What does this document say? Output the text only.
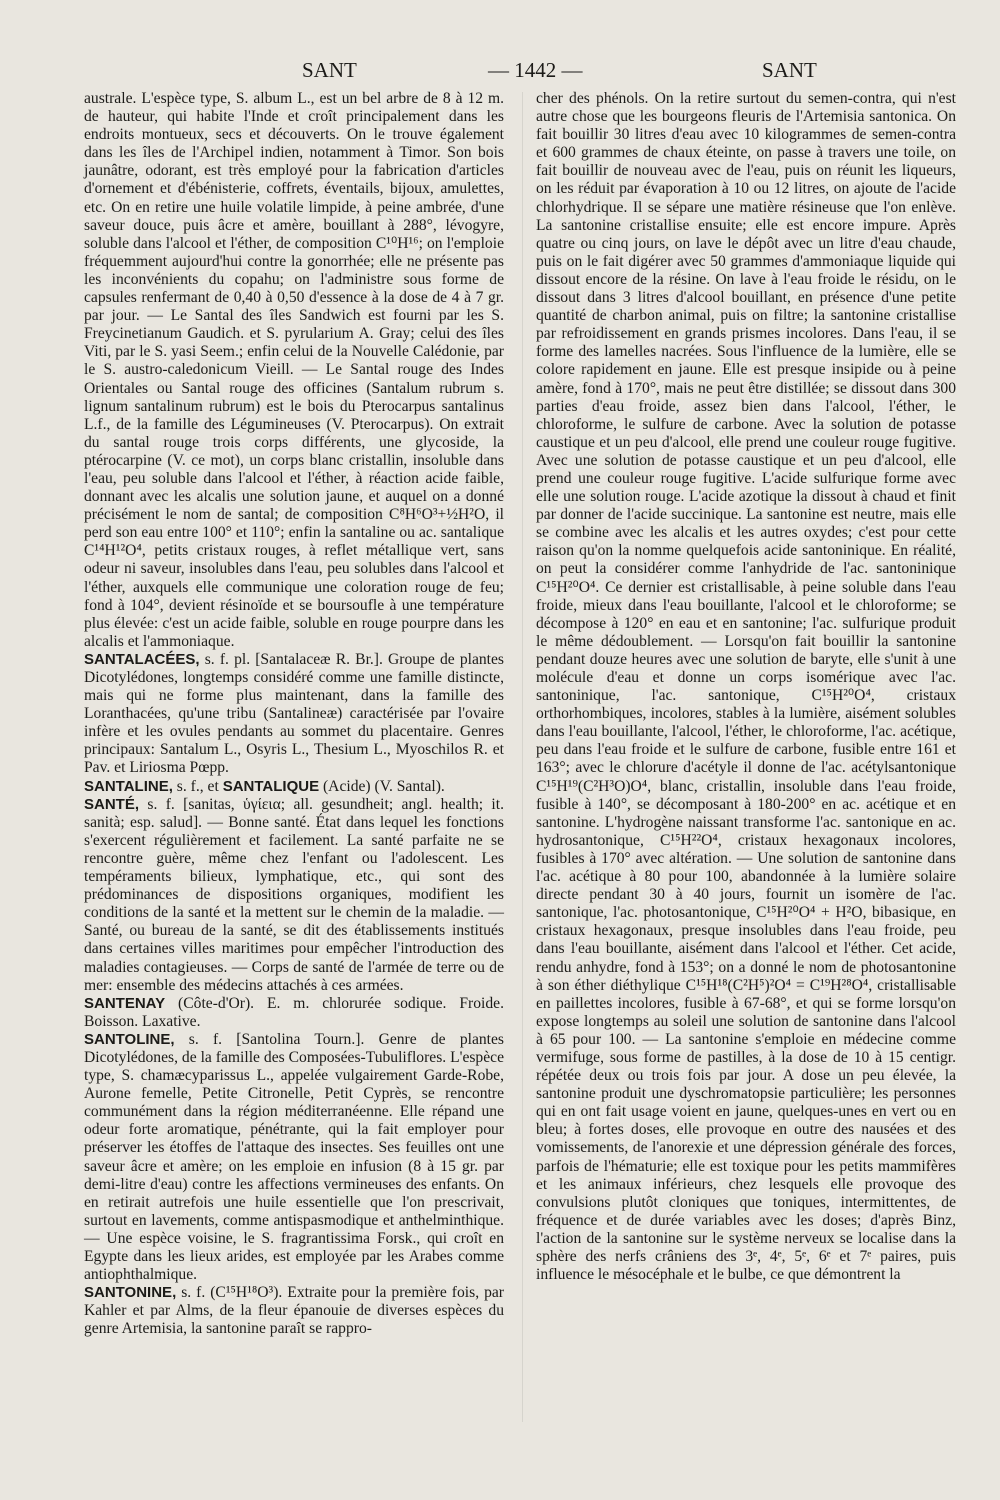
SANT	— 1442 —	SANT

australe. L'espèce type, S. album L., est un bel arbre de 8 à 12 m. de hauteur, qui habite l'Inde et croît principalement dans les endroits montueux, secs et découverts. On le trouve également dans les îles de l'Archipel indien, notamment à Timor. Son bois jaunâtre, odorant, est très employé pour la fabrication d'articles d'ornement et d'ébénisterie, coffrets, éventails, bijoux, amulettes, etc. On en retire une huile volatile limpide, à peine ambrée, d'une saveur douce, puis âcre et amère, bouillant à 288°, lévogyre, soluble dans l'alcool et l'éther, de composition C¹⁰H¹⁶; on l'emploie fréquemment aujourd'hui contre la gonorrhée; elle ne présente pas les inconvénients du copahu; on l'administre sous forme de capsules renfermant de 0,40 à 0,50 d'essence à la dose de 4 à 7 gr. par jour. — Le Santal des îles Sandwich est fourni par les S. Freycinetianum Gaudich. et S. pyrularium A. Gray; celui des îles Viti, par le S. yasi Seem.; enfin celui de la Nouvelle Calédonie, par le S. austro-caledonicum Vieill. — Le Santal rouge des Indes Orientales ou Santal rouge des officines (Santalum rubrum s. lignum santalinum rubrum) est le bois du Pterocarpus santalinus L.f., de la famille des Légumineuses (V. Pterocarpus). On extrait du santal rouge trois corps différents, une glycoside, la ptérocarpine (V. ce mot), un corps blanc cristallin, insoluble dans l'eau, peu soluble dans l'alcool et l'éther, à réaction acide faible, donnant avec les alcalis une solution jaune, et auquel on a donné précisément le nom de santal; de composition C⁸H⁶O³+½H²O, il perd son eau entre 100° et 110°; enfin la santaline ou ac. santalique C¹⁴H¹²O⁴, petits cristaux rouges, à reflet métallique vert, sans odeur ni saveur, insolubles dans l'eau, peu solubles dans l'alcool et l'éther, auxquels elle communique une coloration rouge de feu; fond à 104°, devient résinoïde et se boursoufle à une température plus élevée: c'est un acide faible, soluble en rouge pourpre dans les alcalis et l'ammoniaque.

SANTALACÉES, s. f. pl. [Santalaceæ R. Br.]. Groupe de plantes Dicotylédones, longtemps considéré comme une famille distincte, mais qui ne forme plus maintenant, dans la famille des Loranthacées, qu'une tribu (Santalineæ) caractérisée par l'ovaire infère et les ovules pendants au sommet du placentaire. Genres principaux: Santalum L., Osyris L., Thesium L., Myoschilos R. et Pav. et Liriosma Pœpp.

SANTALINE, s. f., et SANTALIQUE (Acide) (V. Santal).

SANTÉ, s. f. [sanitas, ὑγίεια; all. gesundheit; angl. health; it. sanità; esp. salud]. — Bonne santé. État dans lequel les fonctions s'exercent régulièrement et facilement. La santé parfaite ne se rencontre guère, même chez l'enfant ou l'adolescent. Les tempéraments bilieux, lymphatique, etc., qui sont des prédominances de dispositions organiques, modifient les conditions de la santé et la mettent sur le chemin de la maladie. — Santé, ou bureau de la santé, se dit des établissements institués dans certaines villes maritimes pour empêcher l'introduction des maladies contagieuses. — Corps de santé de l'armée de terre ou de mer: ensemble des médecins attachés à ces armées.

SANTENAY (Côte-d'Or). E. m. chlorurée sodique. Froide. Boisson. Laxative.

SANTOLINE, s. f. [Santolina Tourn.]. Genre de plantes Dicotylédones, de la famille des Composées-Tubuliflores. L'espèce type, S. chamæcyparissus L., appelée vulgairement Garde-Robe, Aurone femelle, Petite Citronelle, Petit Cyprès, se rencontre communément dans la région méditerranéenne. Elle répand une odeur forte aromatique, pénétrante, qui la fait employer pour préserver les étoffes de l'attaque des insectes. Ses feuilles ont une saveur âcre et amère; on les emploie en infusion (8 à 15 gr. par demi-litre d'eau) contre les affections vermineuses des enfants. On en retirait autrefois une huile essentielle que l'on prescrivait, surtout en lavements, comme antispasmodique et anthelminthique. — Une espèce voisine, le S. fragrantissima Forsk., qui croît en Egypte dans les lieux arides, est employée par les Arabes comme antiophthalmique.

SANTONINE, s. f. (C¹⁵H¹⁸O³). Extraite pour la première fois, par Kahler et par Alms, de la fleur épanouie de diverses espèces du genre Artemisia, la santonine paraît se rappro-

cher des phénols. On la retire surtout du semen-contra, qui n'est autre chose que les bourgeons fleuris de l'Artemisia santonica. On fait bouillir 30 litres d'eau avec 10 kilogrammes de semen-contra et 600 grammes de chaux éteinte, on passe à travers une toile, on fait bouillir de nouveau avec de l'eau, puis on réunit les liqueurs, on les réduit par évaporation à 10 ou 12 litres, on ajoute de l'acide chlorhydrique. Il se sépare une matière résineuse que l'on enlève. La santonine cristallise ensuite; elle est encore impure. Après quatre ou cinq jours, on lave le dépôt avec un litre d'eau chaude, puis on le fait digérer avec 50 grammes d'ammoniaque liquide qui dissout encore de la résine. On lave à l'eau froide le résidu, on le dissout dans 3 litres d'alcool bouillant, en présence d'une petite quantité de charbon animal, puis on filtre; la santonine cristallise par refroidissement en grands prismes incolores. Dans l'eau, il se forme des lamelles nacrées. Sous l'influence de la lumière, elle se colore rapidement en jaune. Elle est presque insipide ou à peine amère, fond à 170°, mais ne peut être distillée; se dissout dans 300 parties d'eau froide, assez bien dans l'alcool, l'éther, le chloroforme, le sulfure de carbone. Avec la solution de potasse caustique et un peu d'alcool, elle prend une couleur rouge fugitive. Avec une solution de potasse caustique et un peu d'alcool, elle prend une couleur rouge fugitive. L'acide sulfurique forme avec elle une solution rouge. L'acide azotique la dissout à chaud et finit par donner de l'acide succinique. La santonine est neutre, mais elle se combine avec les alcalis et les autres oxydes; c'est pour cette raison qu'on la nomme quelquefois acide santoninique. En réalité, on peut la considérer comme l'anhydride de l'ac. santoninique C¹⁵H²⁰O⁴. Ce dernier est cristallisable, à peine soluble dans l'eau froide, mieux dans l'eau bouillante, l'alcool et le chloroforme; se décompose à 120° en eau et en santonine; l'ac. sulfurique produit le même dédoublement. — Lorsqu'on fait bouillir la santonine pendant douze heures avec une solution de baryte, elle s'unit à une molécule d'eau et donne un corps isomérique avec l'ac. santoninique, l'ac. santonique, C¹⁵H²⁰O⁴, cristaux orthorhombiques, incolores, stables à la lumière, aisément solubles dans l'eau bouillante, l'alcool, l'éther, le chloroforme, l'ac. acétique, peu dans l'eau froide et le sulfure de carbone, fusible entre 161 et 163°; avec le chlorure d'acétyle il donne de l'ac. acétylsantonique C¹⁵H¹⁹(C²H³O)O⁴, blanc, cristallin, insoluble dans l'eau froide, fusible à 140°, se décomposant à 180-200° en ac. acétique et en santonine. L'hydrogène naissant transforme l'ac. santonique en ac. hydrosantonique, C¹⁵H²²O⁴, cristaux hexagonaux incolores, fusibles à 170° avec altération. — Une solution de santonine dans l'ac. acétique à 80 pour 100, abandonnée à la lumière solaire directe pendant 30 à 40 jours, fournit un isomère de l'ac. santonique, l'ac. photosantonique, C¹⁵H²⁰O⁴ + H²O, bibasique, en cristaux hexagonaux, presque insolubles dans l'eau froide, peu dans l'eau bouillante, aisément dans l'alcool et l'éther. Cet acide, rendu anhydre, fond à 153°; on a donné le nom de photosantonine à son éther diéthylique C¹⁵H¹⁸(C²H⁵)²O⁴ = C¹⁹H²⁸O⁴, cristallisable en paillettes incolores, fusible à 67-68°, et qui se forme lorsqu'on expose longtemps au soleil une solution de santonine dans l'alcool à 65 pour 100. — La santonine s'emploie en médecine comme vermifuge, sous forme de pastilles, à la dose de 10 à 15 centigr. répétée deux ou trois fois par jour. A dose un peu élevée, la santonine produit une dyschromatopsie particulière; les personnes qui en ont fait usage voient en jaune, quelques-unes en vert ou en bleu; à fortes doses, elle provoque en outre des nausées et des vomissements, de l'anorexie et une dépression générale des forces, parfois de l'hématurie; elle est toxique pour les petits mammifères et les animaux inférieurs, chez lesquels elle provoque des convulsions plutôt cloniques que toniques, intermittentes, de fréquence et de durée variables avec les doses; d'après Binz, l'action de la santonine sur le système nerveux se localise dans la sphère des nerfs crâniens des 3ᵉ, 4ᵉ, 5ᵉ, 6ᵉ et 7ᵉ paires, puis influence le mésocéphale et le bulbe, ce que démontrent la
